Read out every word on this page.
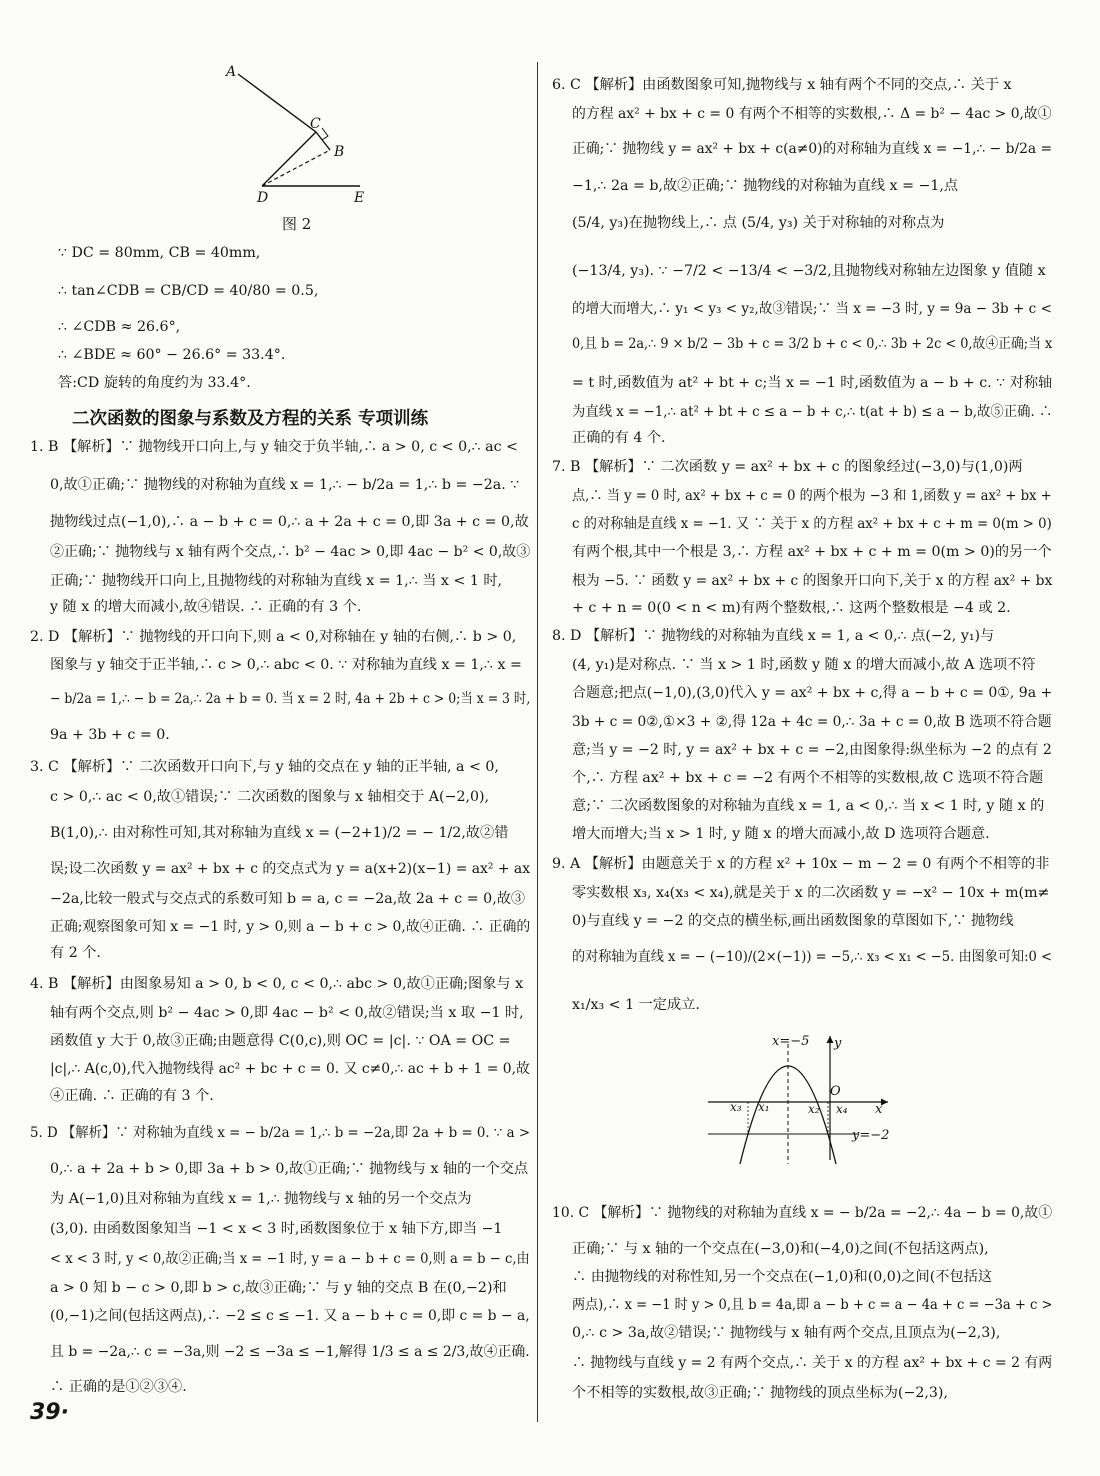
A
C
B
D	E
图 2
∵ DC = 80mm, CB = 40mm,
∴ tan∠CDB = CB/CD = 40/80 = 0.5,
∴ ∠CDB ≈ 26.6°,
∴ ∠BDE ≈ 60° − 26.6° = 33.4°.
答:CD 旋转的角度约为 33.4°.
二次函数的图象与系数及方程的关系 专项训练
1. B 【解析】∵ 抛物线开口向上,与 y 轴交于负半轴,∴ a > 0, c < 0,∴ ac <
0,故①正确;∵ 抛物线的对称轴为直线 x = 1,∴ − b/2a = 1,∴ b = −2a. ∵
抛物线过点(−1,0),∴ a − b + c = 0,∴ a + 2a + c = 0,即 3a + c = 0,故
②正确;∵ 抛物线与 x 轴有两个交点,∴ b² − 4ac > 0,即 4ac − b² < 0,故③
正确;∵ 抛物线开口向上,且抛物线的对称轴为直线 x = 1,∴ 当 x < 1 时,
y 随 x 的增大而减小,故④错误. ∴ 正确的有 3 个.
2. D 【解析】∵ 抛物线的开口向下,则 a < 0,对称轴在 y 轴的右侧,∴ b > 0,
图象与 y 轴交于正半轴,∴ c > 0,∴ abc < 0. ∵ 对称轴为直线 x = 1,∴ x =
− b/2a = 1,∴ − b = 2a,∴ 2a + b = 0. 当 x = 2 时, 4a + 2b + c > 0;当 x = 3 时,
9a + 3b + c = 0.
3. C 【解析】∵ 二次函数开口向下,与 y 轴的交点在 y 轴的正半轴, a < 0,
c > 0,∴ ac < 0,故①错误;∵ 二次函数的图象与 x 轴相交于 A(−2,0),
B(1,0),∴ 由对称性可知,其对称轴为直线 x = (−2+1)/2 = − 1/2,故②错
误;设二次函数 y = ax² + bx + c 的交点式为 y = a(x+2)(x−1) = ax² + ax
−2a,比较一般式与交点式的系数可知 b = a, c = −2a,故 2a + c = 0,故③
正确;观察图象可知 x = −1 时, y > 0,则 a − b + c > 0,故④正确. ∴ 正确的
有 2 个.
4. B 【解析】由图象易知 a > 0, b < 0, c < 0,∴ abc > 0,故①正确;图象与 x
轴有两个交点,则 b² − 4ac > 0,即 4ac − b² < 0,故②错误;当 x 取 −1 时,
函数值 y 大于 0,故③正确;由题意得 C(0,c),则 OC = |c|. ∵ OA = OC =
|c|,∴ A(c,0),代入抛物线得 ac² + bc + c = 0. 又 c≠0,∴ ac + b + 1 = 0,故
④正确. ∴ 正确的有 3 个.
5. D 【解析】∵ 对称轴为直线 x = − b/2a = 1,∴ b = −2a,即 2a + b = 0. ∵ a >
0,∴ a + 2a + b > 0,即 3a + b > 0,故①正确;∵ 抛物线与 x 轴的一个交点
为 A(−1,0)且对称轴为直线 x = 1,∴ 抛物线与 x 轴的另一个交点为
(3,0). 由函数图象知当 −1 < x < 3 时,函数图象位于 x 轴下方,即当 −1
< x < 3 时, y < 0,故②正确;当 x = −1 时, y = a − b + c = 0,则 a = b − c,由
a > 0 知 b − c > 0,即 b > c,故③正确;∵ 与 y 轴的交点 B 在(0,−2)和
(0,−1)之间(包括这两点),∴ −2 ≤ c ≤ −1. 又 a − b + c = 0,即 c = b − a,
且 b = −2a,∴ c = −3a,则 −2 ≤ −3a ≤ −1,解得 1/3 ≤ a ≤ 2/3,故④正确.
∴ 正确的是①②③④.
39·
6. C 【解析】由函数图象可知,抛物线与 x 轴有两个不同的交点,∴ 关于 x
的方程 ax² + bx + c = 0 有两个不相等的实数根,∴ Δ = b² − 4ac > 0,故①
正确;∵ 抛物线 y = ax² + bx + c(a≠0)的对称轴为直线 x = −1,∴ − b/2a =
−1,∴ 2a = b,故②正确;∵ 抛物线的对称轴为直线 x = −1,点
(5/4, y₃)在抛物线上,∴ 点 (5/4, y₃) 关于对称轴的对称点为
(−13/4, y₃). ∵ −7/2 < −13/4 < −3/2,且抛物线对称轴左边图象 y 值随 x
的增大而增大,∴ y₁ < y₃ < y₂,故③错误;∵ 当 x = −3 时, y = 9a − 3b + c <
0,且 b = 2a,∴ 9 × b/2 − 3b + c = 3/2 b + c < 0,∴ 3b + 2c < 0,故④正确;当 x
= t 时,函数值为 at² + bt + c;当 x = −1 时,函数值为 a − b + c. ∵ 对称轴
为直线 x = −1,∴ at² + bt + c ≤ a − b + c,∴ t(at + b) ≤ a − b,故⑤正确. ∴
正确的有 4 个.
7. B 【解析】∵ 二次函数 y = ax² + bx + c 的图象经过(−3,0)与(1,0)两
点,∴ 当 y = 0 时, ax² + bx + c = 0 的两个根为 −3 和 1,函数 y = ax² + bx +
c 的对称轴是直线 x = −1. 又 ∵ 关于 x 的方程 ax² + bx + c + m = 0(m > 0)
有两个根,其中一个根是 3,∴ 方程 ax² + bx + c + m = 0(m > 0)的另一个
根为 −5. ∵ 函数 y = ax² + bx + c 的图象开口向下,关于 x 的方程 ax² + bx
+ c + n = 0(0 < n < m)有两个整数根,∴ 这两个整数根是 −4 或 2.
8. D 【解析】∵ 抛物线的对称轴为直线 x = 1, a < 0,∴ 点(−2, y₁)与
(4, y₁)是对称点. ∵ 当 x > 1 时,函数 y 随 x 的增大而减小,故 A 选项不符
合题意;把点(−1,0),(3,0)代入 y = ax² + bx + c,得 a − b + c = 0①, 9a +
3b + c = 0②,①×3 + ②,得 12a + 4c = 0,∴ 3a + c = 0,故 B 选项不符合题
意;当 y = −2 时, y = ax² + bx + c = −2,由图象得:纵坐标为 −2 的点有 2
个,∴ 方程 ax² + bx + c = −2 有两个不相等的实数根,故 C 选项不符合题
意;∵ 二次函数图象的对称轴为直线 x = 1, a < 0,∴ 当 x < 1 时, y 随 x 的
增大而增大;当 x > 1 时, y 随 x 的增大而减小,故 D 选项符合题意.
9. A 【解析】由题意关于 x 的方程 x² + 10x − m − 2 = 0 有两个不相等的非
零实数根 x₃, x₄(x₃ < x₄),就是关于 x 的二次函数 y = −x² − 10x + m(m≠
0)与直线 y = −2 的交点的横坐标,画出函数图象的草图如下,∵ 抛物线
的对称轴为直线 x = − (−10)/(2×(−1)) = −5,∴ x₃ < x₁ < −5. 由图象可知:0 <
x₁/x₃ < 1 一定成立.
10. C 【解析】∵ 抛物线的对称轴为直线 x = − b/2a = −2,∴ 4a − b = 0,故①
正确;∵ 与 x 轴的一个交点在(−3,0)和(−4,0)之间(不包括这两点),
∴ 由抛物线的对称性知,另一个交点在(−1,0)和(0,0)之间(不包括这
两点),∴ x = −1 时 y > 0,且 b = 4a,即 a − b + c = a − 4a + c = −3a + c >
0,∴ c > 3a,故②错误;∵ 抛物线与 x 轴有两个交点,且顶点为(−2,3),
∴ 抛物线与直线 y = 2 有两个交点,∴ 关于 x 的方程 ax² + bx + c = 2 有两
个不相等的实数根,故③正确;∵ 抛物线的顶点坐标为(−2,3),
x=−5 y
O
x
y=−2
x₃ x₁	x₂ x₄
